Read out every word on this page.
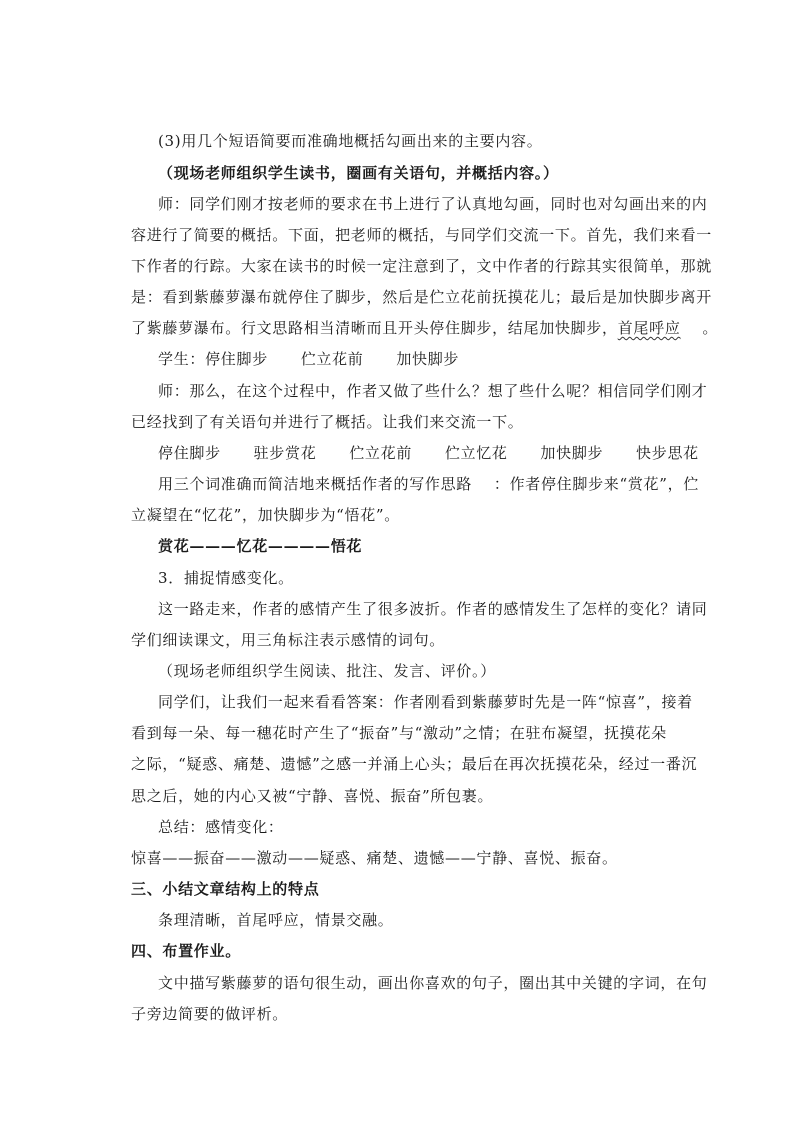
(3)用几个短语简要而准确地概括勾画出来的主要内容。
（现场老师组织学生读书，圈画有关语句，并概括内容。）
师：同学们刚才按老师的要求在书上进行了认真地勾画，同时也对勾画出来的内
容进行了简要的概括。下面，把老师的概括，与同学们交流一下。首先，我们来看一
下作者的行踪。大家在读书的时候一定注意到了，文中作者的行踪其实很简单，那就
是：看到紫藤萝瀑布就停住了脚步，然后是伫立花前抚摸花儿；最后是加快脚步离开
了紫藤萝瀑布。行文思路相当清晰而且开头停住脚步，结尾加快脚步，首尾呼应    。
学生：停住脚步      伫立花前      加快脚步
师：那么，在这个过程中，作者又做了些什么？想了些什么呢？相信同学们刚才
已经找到了有关语句并进行了概括。让我们来交流一下。
停住脚步      驻步赏花      伫立花前      伫立忆花      加快脚步      快步思花
用三个词准确而简洁地来概括作者的写作思路    ：作者停住脚步来“赏花”，伫
立凝望在“忆花”，加快脚步为“悟花”。
赏花———忆花————悟花
3．捕捉情感变化。
这一路走来，作者的感情产生了很多波折。作者的感情发生了怎样的变化？请同
学们细读课文，用三角标注表示感情的词句。
（现场老师组织学生阅读、批注、发言、评价。）
同学们，让我们一起来看看答案：作者刚看到紫藤萝时先是一阵“惊喜”，接着
看到每一朵、每一穗花时产生了“振奋”与“激动”之情；在驻布凝望，抚摸花朵
之际，“疑惑、痛楚、遗憾”之感一并涌上心头；最后在再次抚摸花朵，经过一番沉
思之后，她的内心又被“宁静、喜悦、振奋”所包裹。
总结：感情变化：
惊喜——振奋——激动——疑惑、痛楚、遗憾——宁静、喜悦、振奋。
三、小结文章结构上的特点
条理清晰，首尾呼应，情景交融。
四、布置作业。
文中描写紫藤萝的语句很生动，画出你喜欢的句子，圈出其中关键的字词，在句
子旁边简要的做评析。
